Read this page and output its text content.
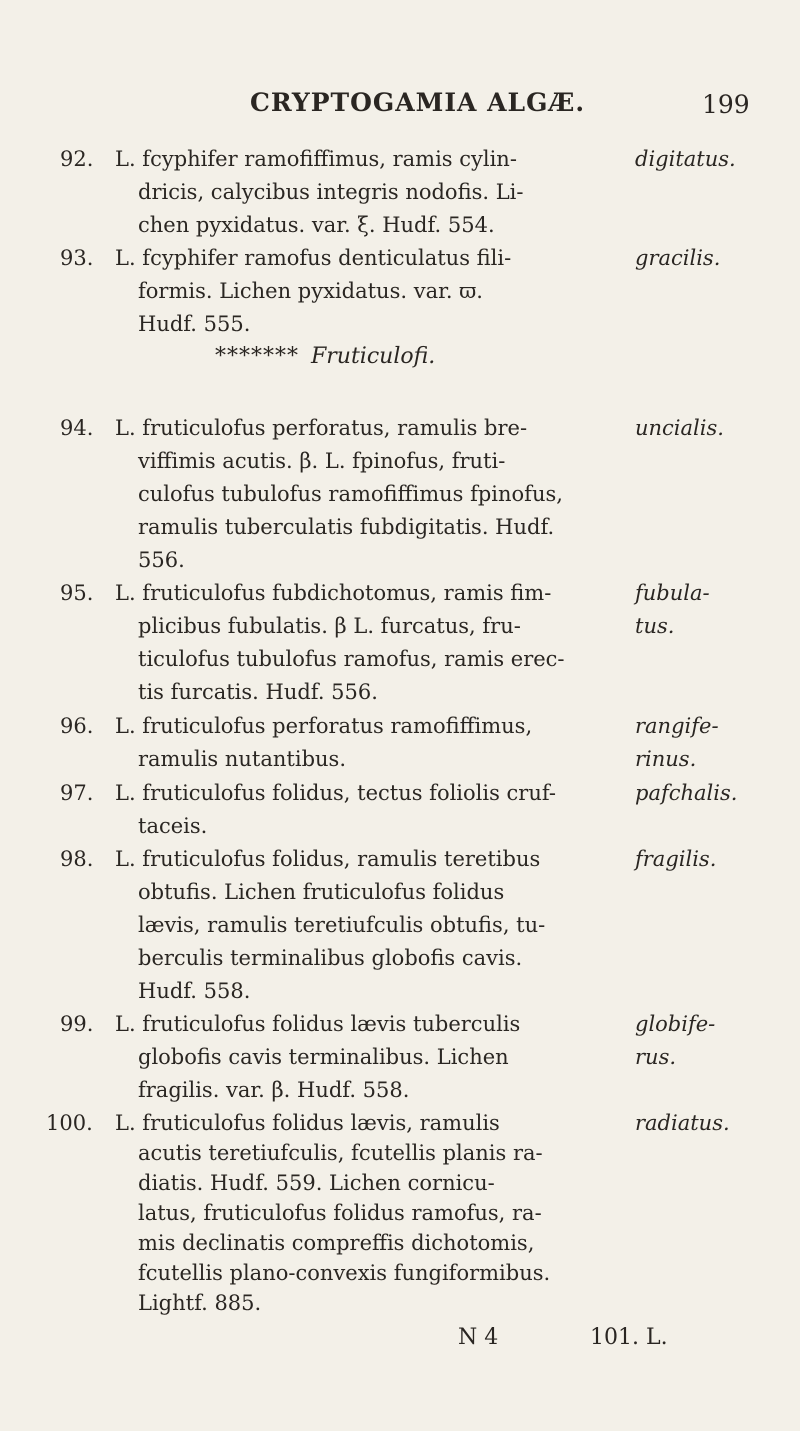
CRYPTOGAMIA ALGÆ.	199
92. L. fcyphifer ramofiffimus, ramis cylin-
dricis, calycibus integris nodofis. Li-
chen pyxidatus. var. ξ. Hudf. 554.
digitatus.
93. L. fcyphifer ramofus denticulatus fili-
formis. Lichen pyxidatus. var. ϖ.
Hudf. 555.
gracilis.
******* Fruticulofi.
94. L. fruticulofus perforatus, ramulis bre-
viffimis acutis. β. L. fpinofus, fruti-
culofus tubulofus ramofiffimus fpinofus,
ramulis tuberculatis fubdigitatis. Hudf.
556.
uncialis.
95. L. fruticulofus fubdichotomus, ramis fim-
plicibus fubulatis. β L. furcatus, fru-
ticulofus tubulofus ramofus, ramis erec-
tis furcatis. Hudf. 556.
fubula-
tus.
96. L. fruticulofus perforatus ramofiffimus,
ramulis nutantibus.
rangife-
rinus.
97. L. fruticulofus folidus, tectus foliolis cruf-
taceis.
pafchalis.
98. L. fruticulofus folidus, ramulis teretibus
obtufis. Lichen fruticulofus folidus
lævis, ramulis teretiufculis obtufis, tu-
berculis terminalibus globofis cavis.
Hudf. 558.
fragilis.
99. L. fruticulofus folidus lævis tuberculis
globofis cavis terminalibus. Lichen
fragilis. var. β. Hudf. 558.
globife-
rus.
100. L. fruticulofus folidus lævis, ramulis
acutis teretiufculis, fcutellis planis ra-
diatis. Hudf. 559. Lichen cornicu-
latus, fruticulofus folidus ramofus, ra-
mis declinatis compreffis dichotomis,
fcutellis plano-convexis fungiformibus.
Lightf. 885.
radiatus.
N 4	101. L.
